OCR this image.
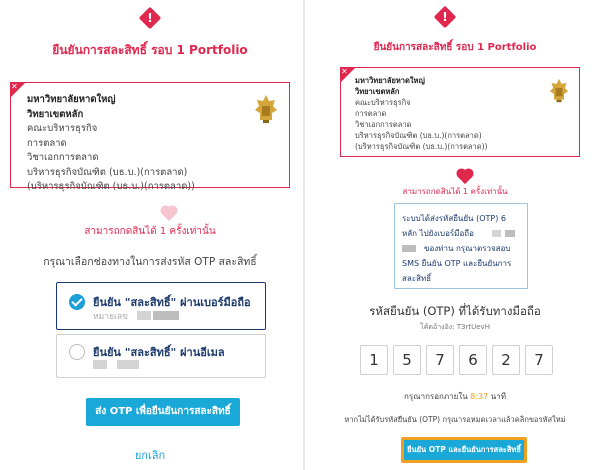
!
ยืนยันการสละสิทธิ์ รอบ 1 Portfolio
✕
มหาวิทยาลัยหาดใหญ่
วิทยาเขตหลัก
คณะบริหารธุรกิจ
การตลาด
วิชาเอกการตลาด
บริหารธุรกิจบัณฑิต (บธ.บ.)(การตลาด)
(บริหารธุรกิจบัณฑิต (บธ.บ.)(การตลาด))
สามารถกดสินได้ 1 ครั้งเท่านั้น
กรุณาเลือกช่องทางในการส่งรหัส OTP สละสิทธิ์
ยืนยัน "สละสิทธิ์" ผ่านเบอร์มือถือ
หมายเลข
ยืนยัน "สละสิทธิ์" ผ่านอีเมล
ส่ง OTP เพื่อยืนยันการสละสิทธิ์
ยกเลิก
!
ยืนยันการสละสิทธิ์ รอบ 1 Portfolio
✕
มหาวิทยาลัยหาดใหญ่
วิทยาเขตหลัก
คณะบริหารธุรกิจ
การตลาด
วิชาเอกการตลาด
บริหารธุรกิจบัณฑิต (บธ.บ.)(การตลาด)
(บริหารธุรกิจบัณฑิต (บธ.บ.)(การตลาด))
สามารถกดสินได้ 1 ครั้งเท่านั้น
ระบบได้ส่งรหัสยืนยัน (OTP) 6
หลัก ไปยังเบอร์มือถือ
ของท่าน กรุณาตรวจสอบ
SMS ยืนยัน OTP และยืนยันการ
สละสิทธิ์
รหัสยืนยัน (OTP) ที่ได้รับทางมือถือ
โค้ดอ้างอิง: T3rtUevH
1	5	7	6	2	7
กรุณากรอกภายใน 8:37 นาที
หากไม่ได้รับรหัสยืนยัน (OTP) กรุณารอหมดเวลาแล้วคลิกขอรหัสใหม่
ยืนยัน OTP และยืนยันการสละสิทธิ์
